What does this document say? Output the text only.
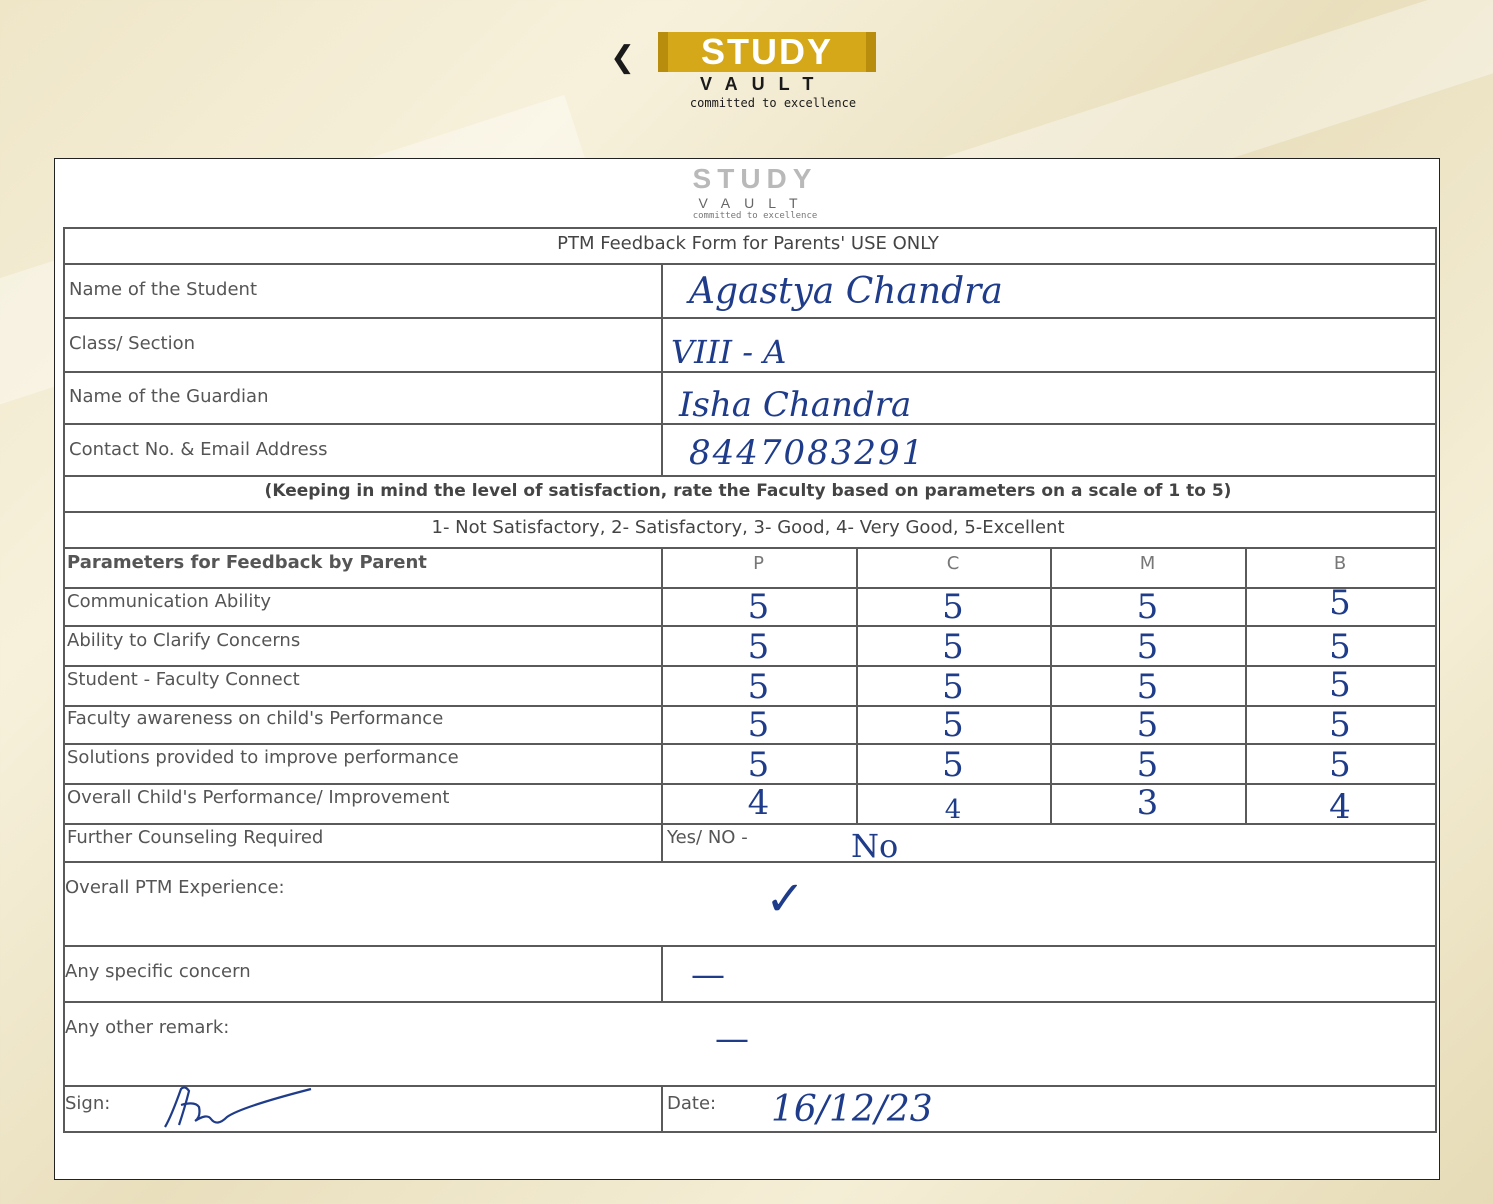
❮	STUDY
VAULT
committed to excellence
STUDY
VAULT
committed to excellence
PTM Feedback Form for Parents' USE ONLY
Name of the Student	Agastya Chandra
Class/ Section	VIII - A
Name of the Guardian	Isha Chandra
Contact No. & Email Address	8447083291
(Keeping in mind the level of satisfaction, rate the Faculty based on parameters on a scale of 1 to 5)
1- Not Satisfactory, 2- Satisfactory, 3- Good, 4- Very Good, 5-Excellent
Parameters for Feedback by Parent	P	C	M	B
Communication Ability	5	5	5	5
Ability to Clarify Concerns	5	5	5	5
Student - Faculty Connect	5	5	5	5
Faculty awareness on child's Performance	5	5	5	5
Solutions provided to improve performance	5	5	5	5
Overall Child's Performance/ Improvement	4	4	3	4
Further Counseling Required	Yes/ NO -	No
Overall PTM Experience:	✓
Any specific concern	—
Any other remark:	—
Sign:	Date: 16/12/23
